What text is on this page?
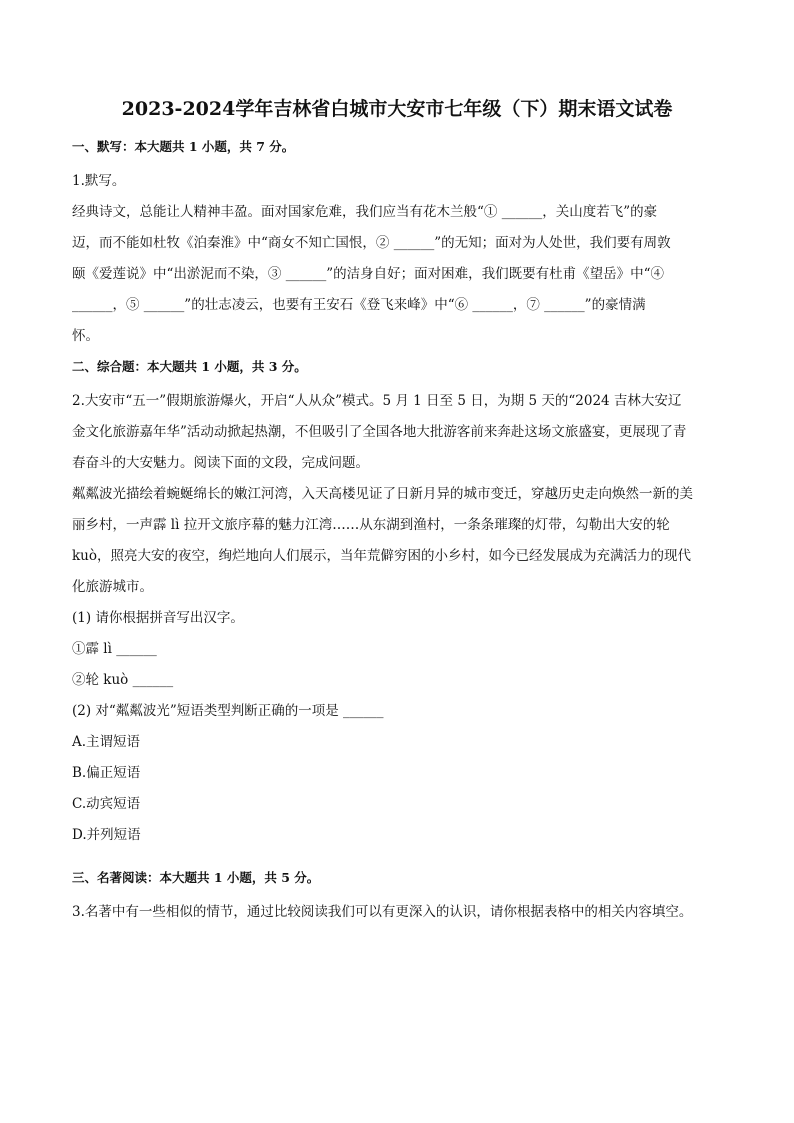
2023-2024学年吉林省白城市大安市七年级（下）期末语文试卷
一、默写：本大题共 1 小题，共 7 分。

1.默写。

经典诗文，总能让人精神丰盈。面对国家危难，我们应当有花木兰般“① ______，关山度若飞”的豪

迈，而不能如杜牧《泊秦淮》中“商女不知亡国恨，② ______”的无知；面对为人处世，我们要有周敦

颐《爱莲说》中“出淤泥而不染，③ ______”的洁身自好；面对困难，我们既要有杜甫《望岳》中“④

______，⑤ ______”的壮志凌云，也要有王安石《登飞来峰》中“⑥ ______，⑦ ______”的豪情满

怀。

二、综合题：本大题共 1 小题，共 3 分。

2.大安市“五一”假期旅游爆火，开启“人从众”模式。5 月 1 日至 5 日，为期 5 天的“2024 吉林大安辽

金文化旅游嘉年华”活动动掀起热潮，不但吸引了全国各地大批游客前来奔赴这场文旅盛宴，更展现了青

春奋斗的大安魅力。阅读下面的文段，完成问题。

粼粼波光描绘着蜿蜒绵长的嫩江河湾，入天高楼见证了日新月异的城市变迁，穿越历史走向焕然一新的美

丽乡村，一声霹 lì 拉开文旅序幕的魅力江湾……从东湖到渔村，一条条璀璨的灯带，勾勒出大安的轮

kuò，照亮大安的夜空，绚烂地向人们展示，当年荒僻穷困的小乡村，如今已经发展成为充满活力的现代

化旅游城市。

(1) 请你根据拼音写出汉字。

①霹 lì ______

②轮 kuò ______

(2) 对“粼粼波光”短语类型判断正确的一项是 ______

A.主谓短语

B.偏正短语

C.动宾短语

D.并列短语

三、名著阅读：本大题共 1 小题，共 5 分。

3.名著中有一些相似的情节，通过比较阅读我们可以有更深入的认识，请你根据表格中的相关内容填空。
